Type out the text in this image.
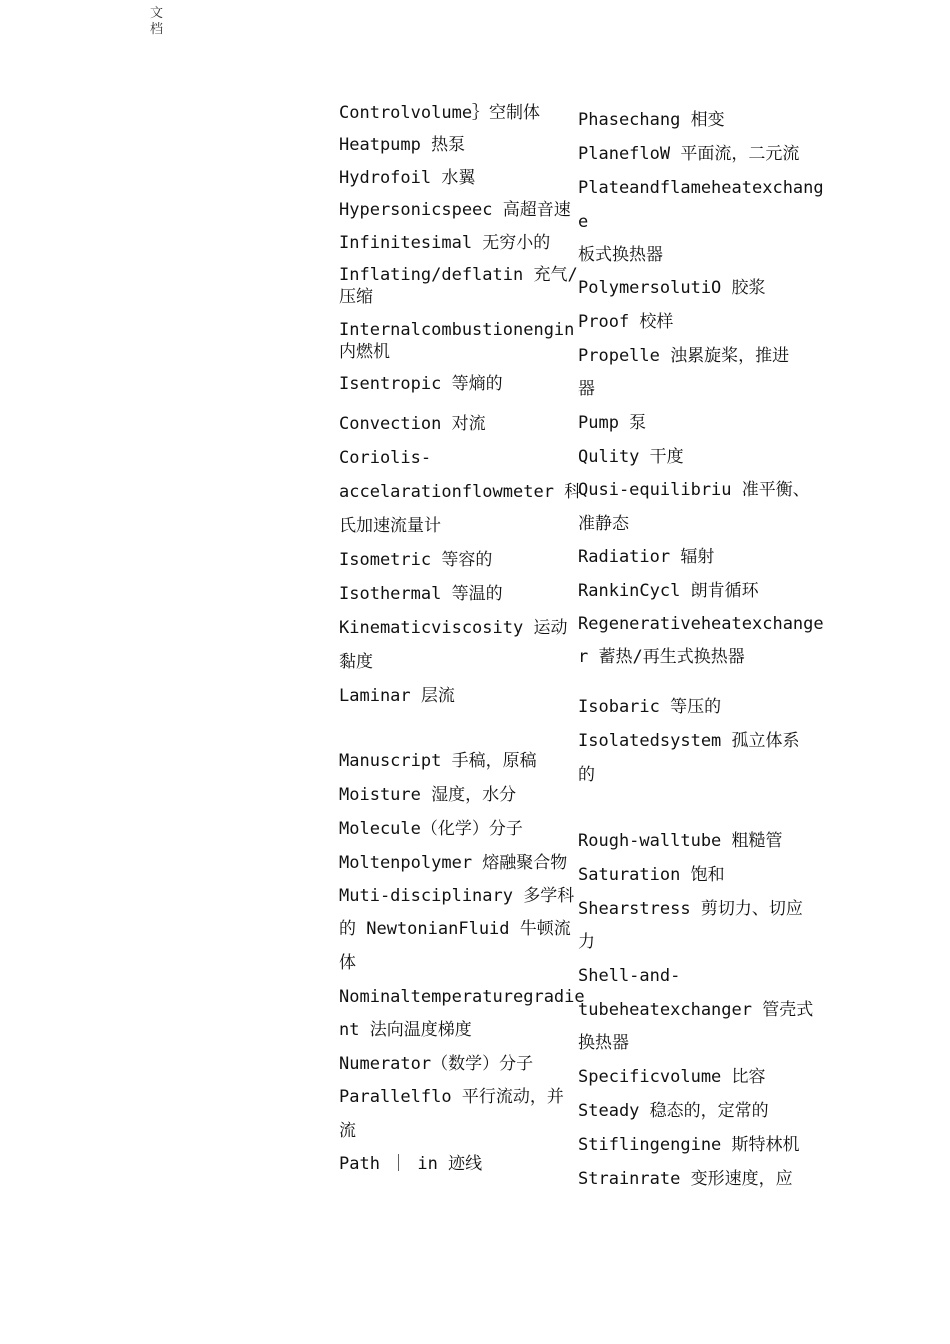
文档
Controlvolume｝空制体
Heatpump 热泵
Hydrofoil 水翼
Hypersonicspeec 高超音速
Infinitesimal 无穷小的
Inflating/deflatin 充气/
压缩
Internalcombustionengin
内燃机
Isentropic 等熵的
Convection 对流
Coriolis-
accelarationflowmeter 科
氏加速流量计
Isometric 等容的
Isothermal 等温的
Kinematicviscosity 运动
黏度
Laminar 层流
Manuscript 手稿，原稿
Moisture 湿度，水分
Molecule（化学）分子
Moltenpolymer 熔融聚合物
Muti-disciplinary 多学科
的 NewtonianFluid 牛顿流
体
Nominaltemperaturegradie
nt 法向温度梯度
Numerator（数学）分子
Parallelflo 平行流动，并
流
Path ｜ in 迹线
Phasechang 相变
PlanefloW 平面流，二元流
Plateandflameheatexchang
e
板式换热器
PolymersolutiO 胶浆
Proof 校样
Propelle 浊累旋桨，推进
器
Pump 泵
Qulity 干度
Qusi-equilibriu 准平衡、
准静态
Radiatior 辐射
RankinCycl 朗肯循环
Regenerativeheatexchange
r 蓄热/再生式换热器
Isobaric 等压的
Isolatedsystem 孤立体系
的
Rough-walltube 粗糙管
Saturation 饱和
Shearstress 剪切力、切应
力
Shell-and-
tubeheatexchanger 管壳式
换热器
Specificvolume 比容
Steady 稳态的，定常的
Stiflingengine 斯特林机
Strainrate 变形速度，应
